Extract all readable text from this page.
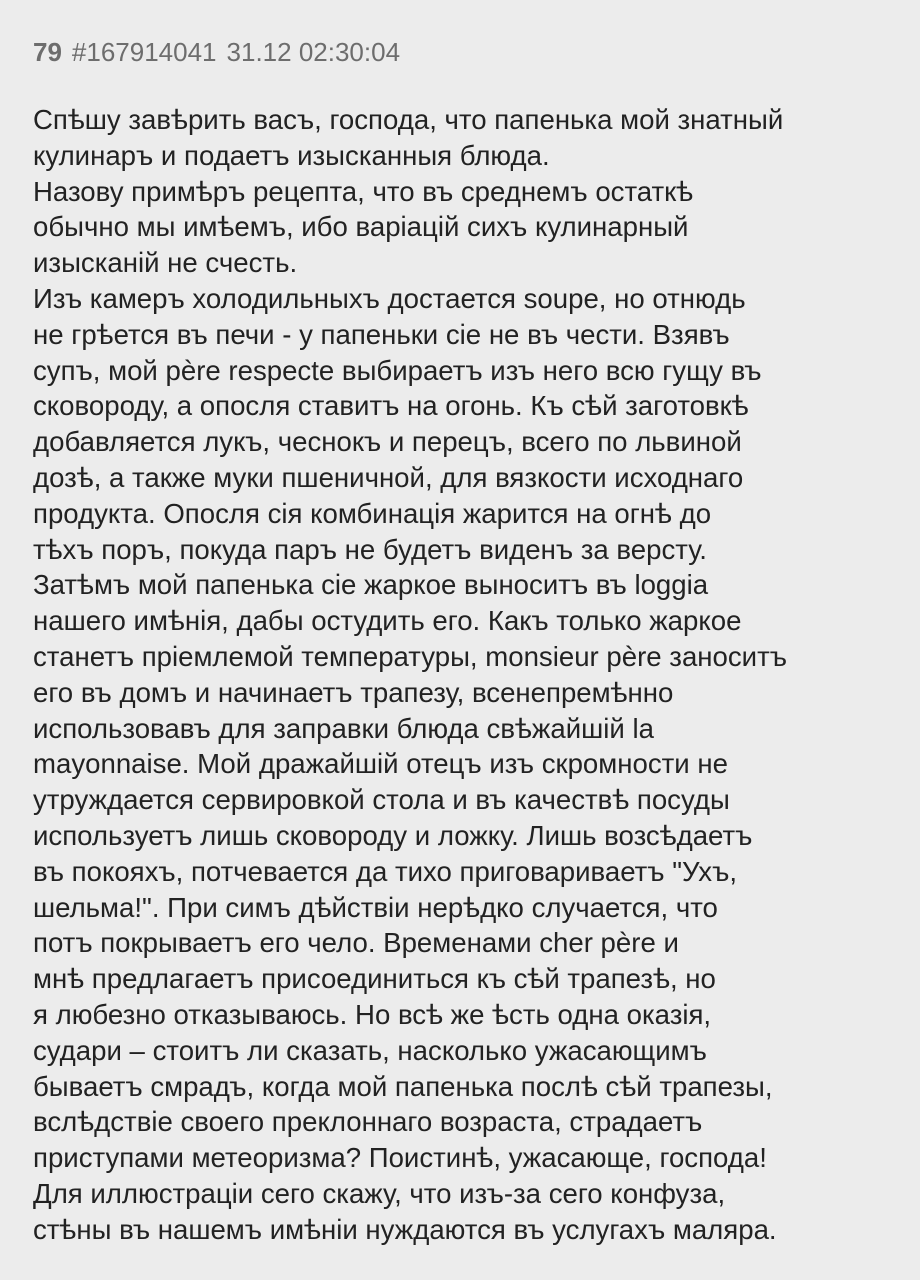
79 #167914041 31.12 02:30:04
Спѣшу завѣрить васъ, господа, что папенька мой знатный
кулинаръ и подаетъ изысканныя блюда.
Назову примѣръ рецепта, что въ среднемъ остаткѣ
обычно мы имѣемъ, ибо варіацій сихъ кулинарный
изысканій не счесть.
Изъ камеръ холодильныхъ достается soupe, но отнюдь
не грѣется въ печи - у папеньки сіе не въ чести. Взявъ
супъ, мой père respecte выбираетъ изъ него всю гущу въ
сковороду, а опосля ставитъ на огонь. Къ сѣй заготовкѣ
добавляется лукъ, чеснокъ и перецъ, всего по львиной
дозѣ, а также муки пшеничной, для вязкости исходнаго
продукта. Опосля сія комбинація жарится на огнѣ до
тѣхъ поръ, покуда паръ не будетъ виденъ за версту.
Затѣмъ мой папенька сіе жаркое выноситъ въ loggia
нашего имѣнія, дабы остудить его. Какъ только жаркое
станетъ пріемлемой температуры, monsieur père заноситъ
его въ домъ и начинаетъ трапезу, всенепремѣнно
использовавъ для заправки блюда свѣжайшій la
mayonnaise. Мой дражайшій отецъ изъ скромности не
утруждается сервировкой стола и въ качествѣ посуды
используетъ лишь сковороду и ложку. Лишь возсѣдаетъ
въ покояхъ, потчевается да тихо приговариваетъ "Ухъ,
шельма!". При симъ дѣйствіи нерѣдко случается, что
потъ покрываетъ его чело. Временами cher père и
мнѣ предлагаетъ присоединиться къ сѣй трапезѣ, но
я любезно отказываюсь. Но всѣ же ѣсть одна оказія,
судари – стоитъ ли сказать, насколько ужасающимъ
бываетъ смрадъ, когда мой папенька послѣ сѣй трапезы,
вслѣдствіе своего преклоннаго возраста, страдаетъ
приступами метеоризма? Поистинѣ, ужасающе, господа!
Для иллюстраціи сего скажу, что изъ-за сего конфуза,
стѣны въ нашемъ имѣніи нуждаются въ услугахъ маляра.
